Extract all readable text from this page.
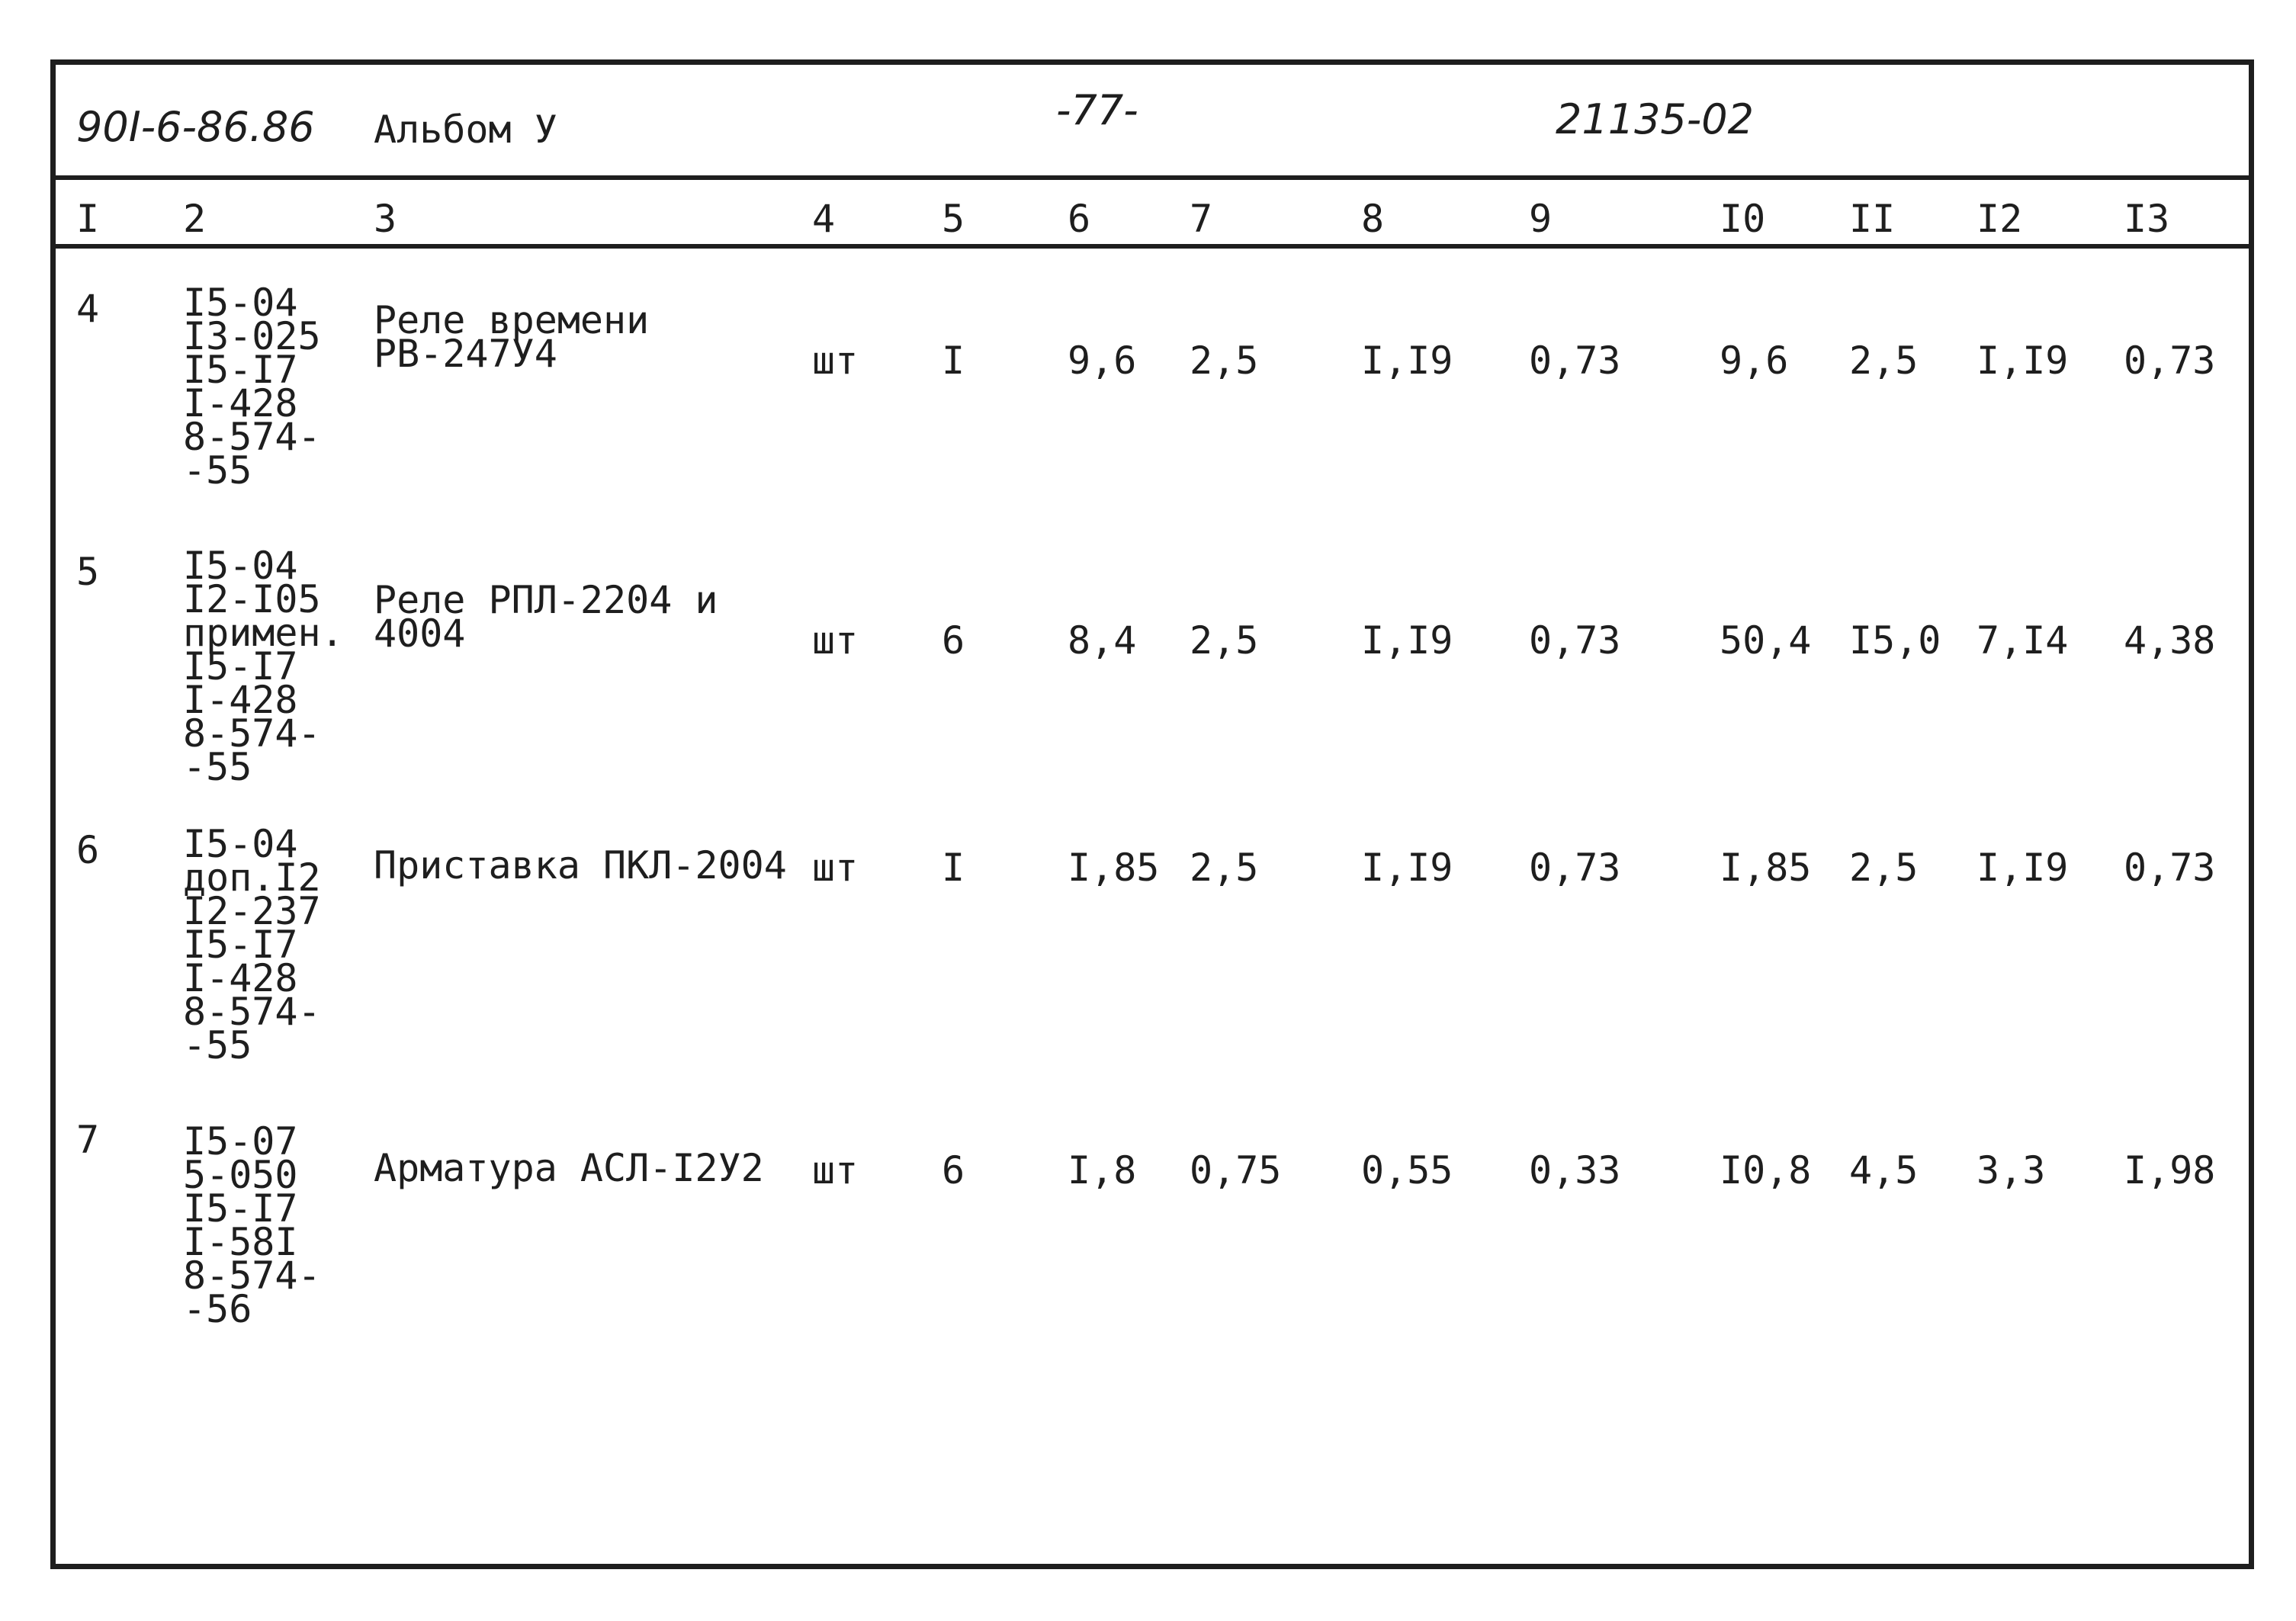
90I-6-86.86 Альбом У	-77-	21135-02
I 2	3	4	5	6	7	8	9	I0 II I2	I3
4 I5-04
I3-025
I5-I7
I-428
8-574-
-55
Реле времени
РВ-247У4	шт I	9,6 2,5	I,I9 0,73	9,6 2,5 I,I9 0,73
5 I5-04
I2-I05
примен.
I5-I7
I-428
8-574-
-55
Реле РПЛ-2204 и
4004	шт 6	8,4 2,5	I,I9 0,73	50,4 I5,0 7,I4 4,38
6 I5-04
доп.I2
I2-237
I5-I7
I-428
8-574-
-55
Приставка ПКЛ-2004 шт I	I,85 2,5	I,I9 0,73	I,85 2,5 I,I9 0,73
7 I5-07
5-050
I5-I7
I-58I
8-574-
-56
Арматура АСЛ-I2У2 шт 6	I,8 0,75 0,55 0,33	I0,8 4,5 3,3 I,98
